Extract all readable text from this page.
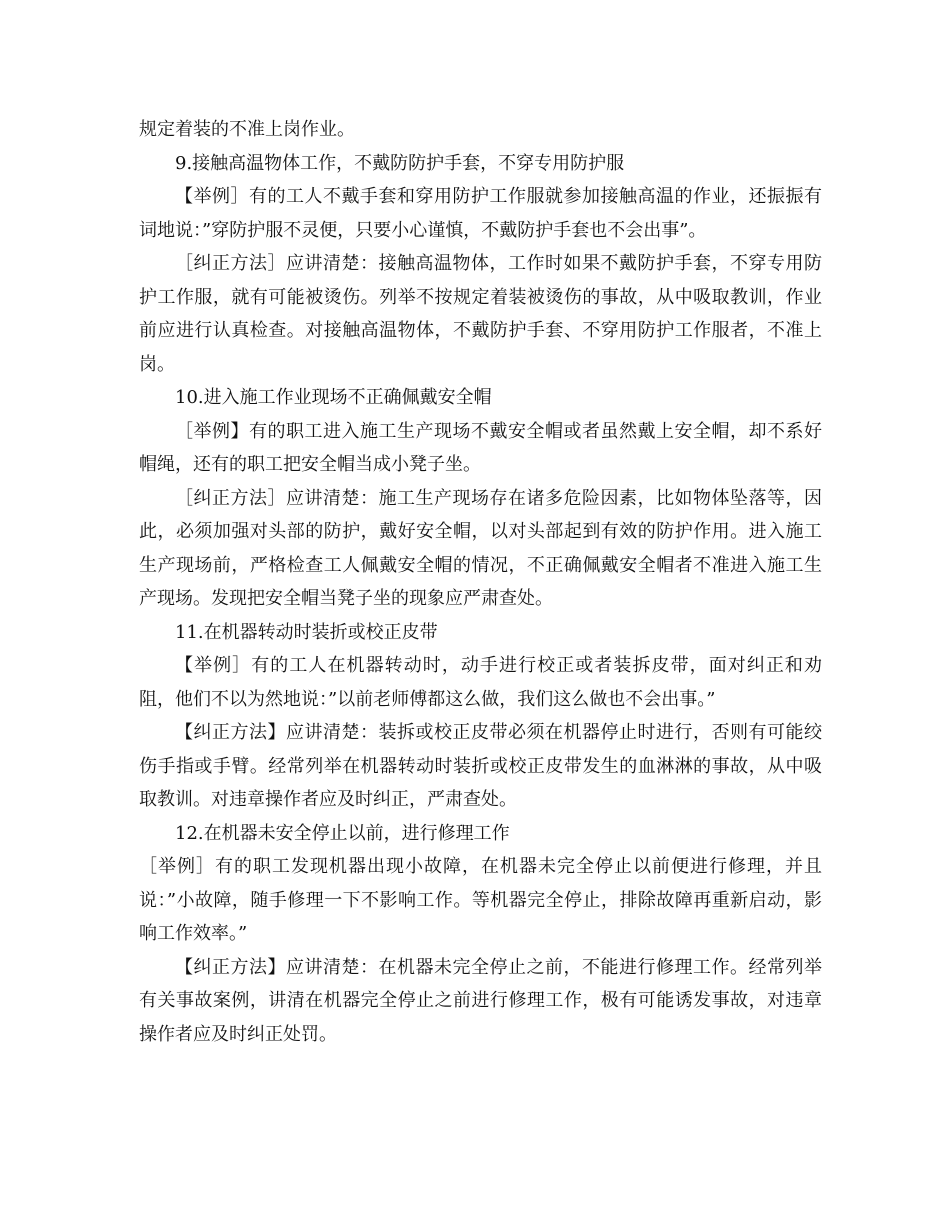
规定着装的不准上岗作业。

9.接触高温物体工作，不戴防防护手套，不穿专用防护服

【举例］有的工人不戴手套和穿用防护工作服就参加接触高温的作业，还振振有词地说：”穿防护服不灵便，只要小心谨慎，不戴防护手套也不会出事”。

［纠正方法］应讲清楚：接触高温物体，工作时如果不戴防护手套，不穿专用防护工作服，就有可能被烫伤。列举不按规定着装被烫伤的事故，从中吸取教训，作业前应进行认真检查。对接触高温物体，不戴防护手套、不穿用防护工作服者，不准上岗。

10.进入施工作业现场不正确佩戴安全帽

［举例】有的职工进入施工生产现场不戴安全帽或者虽然戴上安全帽，却不系好帽绳，还有的职工把安全帽当成小凳子坐。

［纠正方法］应讲清楚：施工生产现场存在诸多危险因素，比如物体坠落等，因此，必须加强对头部的防护，戴好安全帽，以对头部起到有效的防护作用。进入施工生产现场前，严格检查工人佩戴安全帽的情况，不正确佩戴安全帽者不准进入施工生产现场。发现把安全帽当凳子坐的现象应严肃查处。

11.在机器转动时装折或校正皮带

【举例］有的工人在机器转动时，动手进行校正或者装拆皮带，面对纠正和劝阻，他们不以为然地说：”以前老师傅都这么做，我们这么做也不会出事。”

【纠正方法】应讲清楚：装拆或校正皮带必须在机器停止时进行，否则有可能绞伤手指或手臂。经常列举在机器转动时装折或校正皮带发生的血淋淋的事故，从中吸取教训。对违章操作者应及时纠正，严肃查处。

12.在机器未安全停止以前，进行修理工作

［举例］有的职工发现机器出现小故障，在机器未完全停止以前便进行修理，并且说：”小故障，随手修理一下不影响工作。等机器完全停止，排除故障再重新启动，影响工作效率。”

【纠正方法】应讲清楚：在机器未完全停止之前，不能进行修理工作。经常列举有关事故案例，讲清在机器完全停止之前进行修理工作，极有可能诱发事故，对违章操作者应及时纠正处罚。
